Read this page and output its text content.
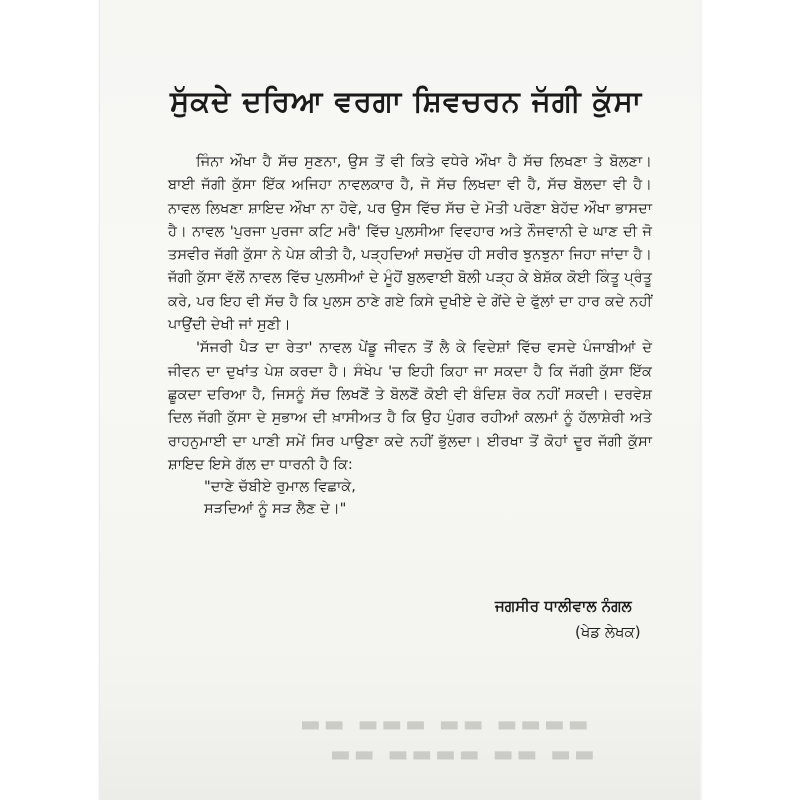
ਸੁੱਕਦੇ ਦਰਿਆ ਵਰਗਾ ਸ਼ਿਵਚਰਨ ਜੱਗੀ ਕੁੱਸਾ

ਜਿੰਨਾ ਔਖਾ ਹੈ ਸੱਚ ਸੁਣਨਾ, ਉਸ ਤੋਂ ਵੀ ਕਿਤੇ ਵਧੇਰੇ ਔਖਾ ਹੈ ਸੱਚ ਲਿਖਣਾ ਤੇ ਬੋਲਣਾ। ਬਾਈ ਜੱਗੀ ਕੁੱਸਾ ਇੱਕ ਅਜਿਹਾ ਨਾਵਲਕਾਰ ਹੈ, ਜੋ ਸੱਚ ਲਿਖਦਾ ਵੀ ਹੈ, ਸੱਚ ਬੋਲਦਾ ਵੀ ਹੈ। ਨਾਵਲ ਲਿਖਣਾ ਸ਼ਾਇਦ ਔਖਾ ਨਾ ਹੋਵੇ, ਪਰ ਉਸ ਵਿੱਚ ਸੱਚ ਦੇ ਮੋਤੀ ਪਰੋਣਾ ਬੇਹੱਦ ਔਖਾ ਭਾਸਦਾ ਹੈ। ਨਾਵਲ 'ਪੁਰਜਾ ਪੁਰਜਾ ਕਟਿ ਮਰੈ' ਵਿੱਚ ਪੁਲਸੀਆ ਵਿਵਹਾਰ ਅਤੇ ਨੌਜਵਾਨੀ ਦੇ ਘਾਣ ਦੀ ਜੋ ਤਸਵੀਰ ਜੱਗੀ ਕੁੱਸਾ ਨੇ ਪੇਸ਼ ਕੀਤੀ ਹੈ, ਪੜ੍ਹਦਿਆਂ ਸਚਮੁੱਚ ਹੀ ਸਰੀਰ ਝੁਨਝੁਨਾ ਜਿਹਾ ਜਾਂਦਾ ਹੈ। ਜੱਗੀ ਕੁੱਸਾ ਵੱਲੋਂ ਨਾਵਲ ਵਿੱਚ ਪੁਲਸੀਆਂ ਦੇ ਮੂੰਹੋਂ ਬੁਲਵਾਈ ਬੋਲੀ ਪੜ੍ਹ ਕੇ ਬੇਸ਼ੱਕ ਕੋਈ ਕਿੰਤੂ ਪ੍ਰੰਤੂ ਕਰੇ, ਪਰ ਇਹ ਵੀ ਸੱਚ ਹੈ ਕਿ ਪੁਲਸ ਠਾਣੇ ਗਏ ਕਿਸੇ ਦੁਖੀਏ ਦੇ ਗੇਂਦੇ ਦੇ ਫੁੱਲਾਂ ਦਾ ਹਾਰ ਕਦੇ ਨਹੀਂ ਪਾਉਂਦੀ ਦੇਖੀ ਜਾਂ ਸੁਣੀ।

'ਸੱਜਰੀ ਪੈੜ ਦਾ ਰੇਤਾ' ਨਾਵਲ ਪੇਂਡੂ ਜੀਵਨ ਤੋਂ ਲੈ ਕੇ ਵਿਦੇਸ਼ਾਂ ਵਿੱਚ ਵਸਦੇ ਪੰਜਾਬੀਆਂ ਦੇ ਜੀਵਨ ਦਾ ਦੁਖਾਂਤ ਪੇਸ਼ ਕਰਦਾ ਹੈ। ਸੰਖੇਪ 'ਚ ਇਹੀ ਕਿਹਾ ਜਾ ਸਕਦਾ ਹੈ ਕਿ ਜੱਗੀ ਕੁੱਸਾ ਇੱਕ ਛੂਕਦਾ ਦਰਿਆ ਹੈ, ਜਿਸਨੂੰ ਸੱਚ ਲਿਖਣੋਂ ਤੇ ਬੋਲਣੋਂ ਕੋਈ ਵੀ ਬੰਦਿਸ਼ ਰੋਕ ਨਹੀਂ ਸਕਦੀ। ਦਰਵੇਸ਼ ਦਿਲ ਜੱਗੀ ਕੁੱਸਾ ਦੇ ਸੁਭਾਅ ਦੀ ਖ਼ਾਸੀਅਤ ਹੈ ਕਿ ਉਹ ਪੁੰਗਰ ਰਹੀਆਂ ਕਲਮਾਂ ਨੂੰ ਹੱਲਾਸ਼ੇਰੀ ਅਤੇ ਰਾਹਨੁਮਾਈ ਦਾ ਪਾਣੀ ਸਮੇਂ ਸਿਰ ਪਾਉਣਾ ਕਦੇ ਨਹੀਂ ਭੁੱਲਦਾ। ਈਰਖਾ ਤੋਂ ਕੋਹਾਂ ਦੂਰ ਜੱਗੀ ਕੁੱਸਾ ਸ਼ਾਇਦ ਇਸੇ ਗੱਲ ਦਾ ਧਾਰਨੀ ਹੈ ਕਿ:

"ਦਾਣੇ ਚੱਬੀਏ ਰੁਮਾਲ ਵਿਛਾਕੇ,
ਸੜਦਿਆਂ ਨੂੰ ਸੜ ਲੈਣ ਦੇ।"
ਜਗਸੀਰ ਧਾਲੀਵਾਲ ਨੰਗਲ
(ਖੇਡ ਲੇਖਕ)
▬▬ ▬▬▬ ▬▬ ▬▬▬▬
▬▬ ▬▬▬▬ ▬▬ ▬▬
